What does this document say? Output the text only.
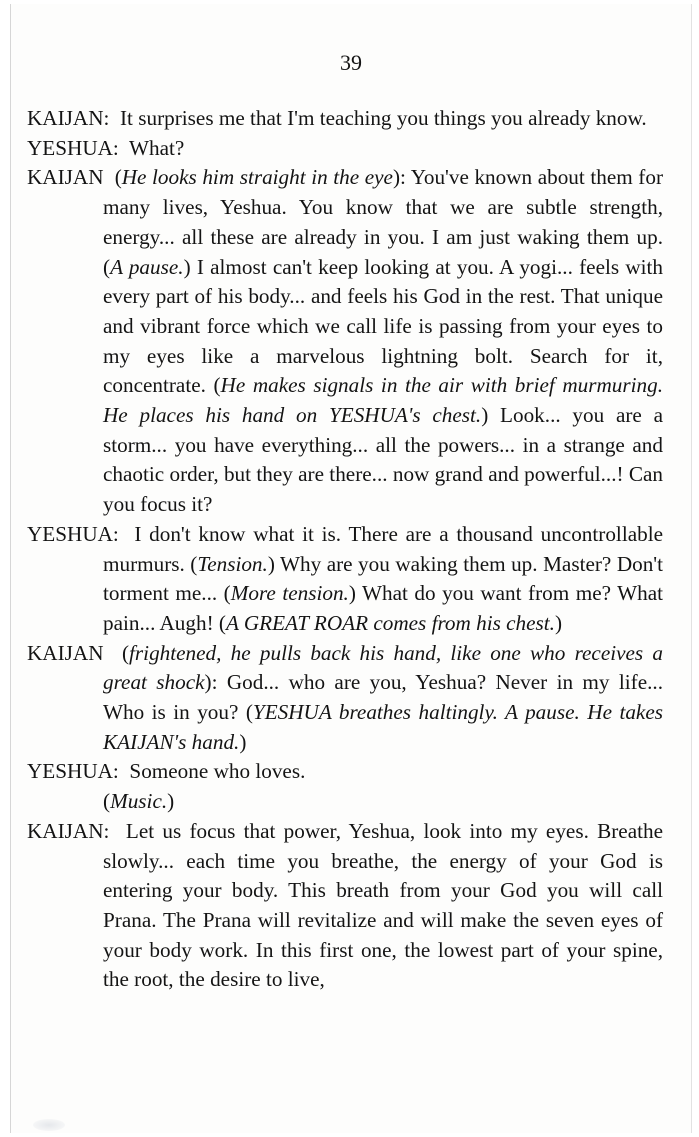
39

KAIJAN: It surprises me that I'm teaching you things you already know.

YESHUA: What?

KAIJAN (He looks him straight in the eye): You've known about them for many lives, Yeshua. You know that we are subtle strength, energy... all these are already in you. I am just waking them up. (A pause.) I almost can't keep looking at you. A yogi... feels with every part of his body... and feels his God in the rest. That unique and vibrant force which we call life is passing from your eyes to my eyes like a marvelous lightning bolt. Search for it, concentrate. (He makes signals in the air with brief murmuring. He places his hand on YESHUA's chest.) Look... you are a storm... you have everything... all the powers... in a strange and chaotic order, but they are there... now grand and powerful...! Can you focus it?

YESHUA: I don't know what it is. There are a thousand uncontrollable murmurs. (Tension.) Why are you waking them up. Master? Don't torment me... (More tension.) What do you want from me? What pain... Augh! (A GREAT ROAR comes from his chest.)

KAIJAN (frightened, he pulls back his hand, like one who receives a great shock): God... who are you, Yeshua? Never in my life... Who is in you? (YESHUA breathes haltingly. A pause. He takes KAIJAN's hand.)

YESHUA: Someone who loves.

(Music.)

KAIJAN: Let us focus that power, Yeshua, look into my eyes. Breathe slowly... each time you breathe, the energy of your God is entering your body. This breath from your God you will call Prana. The Prana will revitalize and will make the seven eyes of your body work. In this first one, the lowest part of your spine, the root, the desire to live,
